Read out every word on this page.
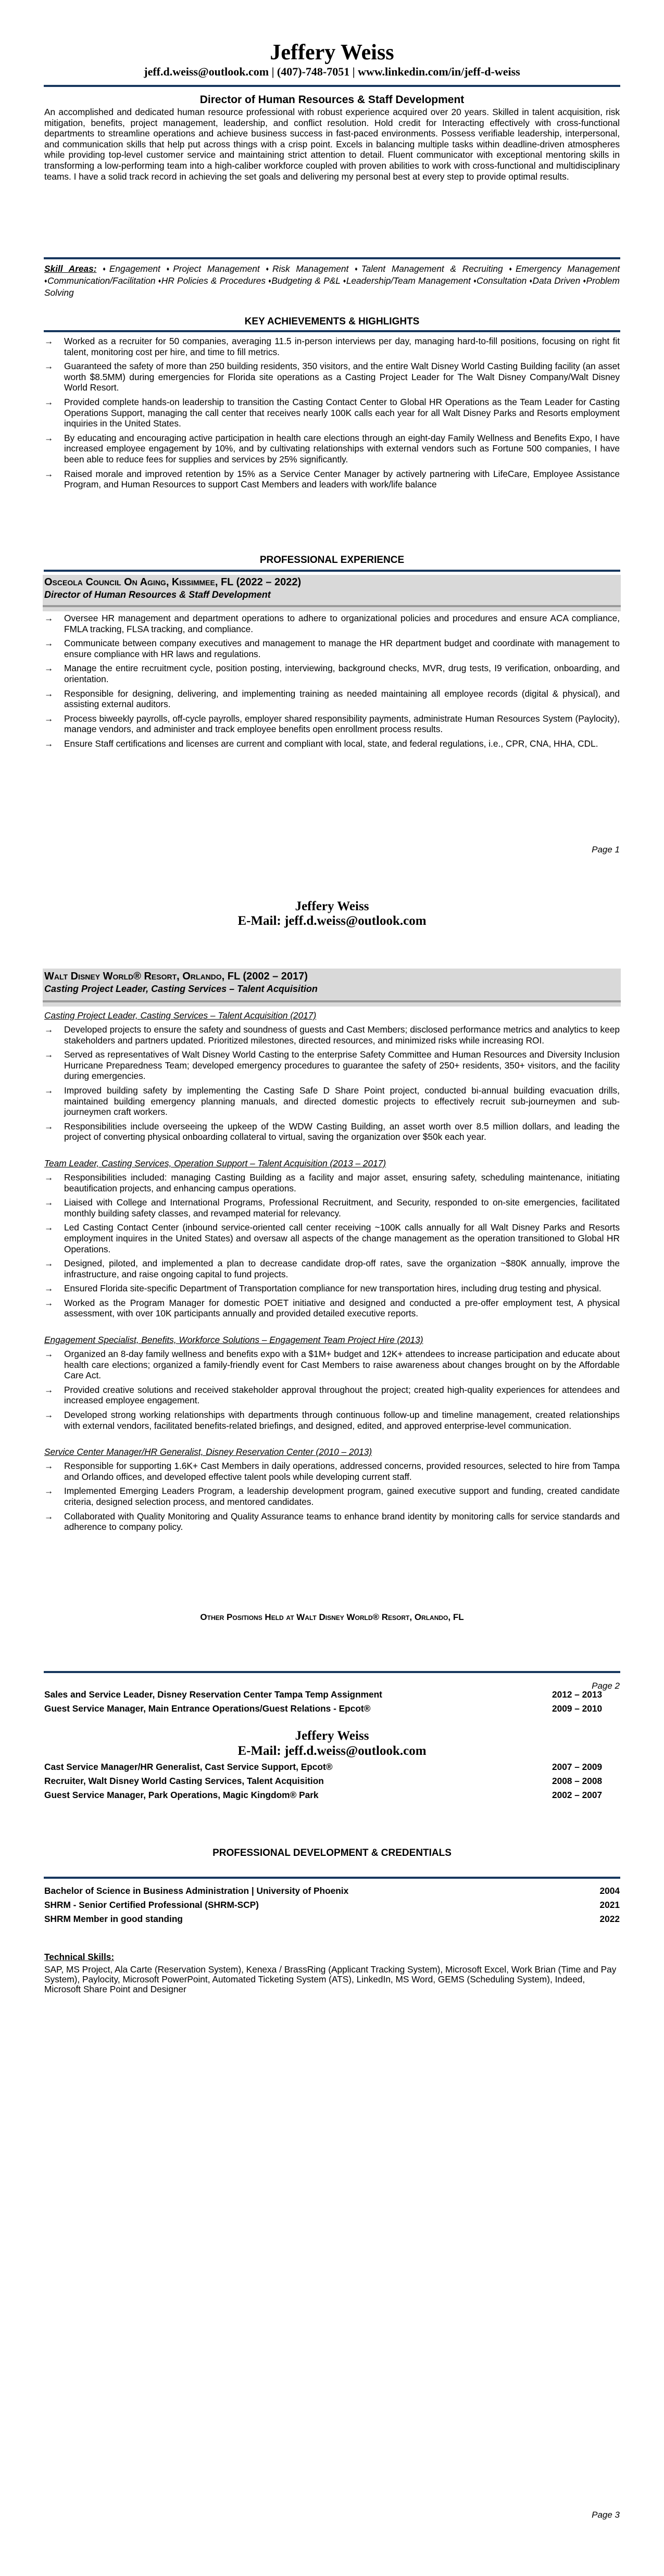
Jeffery Weiss
jeff.d.weiss@outlook.com | (407)-748-7051 | www.linkedin.com/in/jeff-d-weiss
Director of Human Resources & Staff Development
An accomplished and dedicated human resource professional with robust experience acquired over 20 years. Skilled in talent acquisition, risk mitigation, benefits, project management, leadership, and conflict resolution. Hold credit for Interacting effectively with cross-functional departments to streamline operations and achieve business success in fast-paced environments. Possess verifiable leadership, interpersonal, and communication skills that help put across things with a crisp point. Excels in balancing multiple tasks within deadline-driven atmospheres while providing top-level customer service and maintaining strict attention to detail. Fluent communicator with exceptional mentoring skills in transforming a low-performing team into a high-caliber workforce coupled with proven abilities to work with cross-functional and multidisciplinary teams. I have a solid track record in achieving the set goals and delivering my personal best at every step to provide optimal results.
Skill Areas: ♦Engagement ♦Project Management ♦Risk Management ♦Talent Management & Recruiting ♦Emergency Management ♦Communication/Facilitation ♦HR Policies & Procedures ♦Budgeting & P&L ♦Leadership/Team Management ♦Consultation ♦Data Driven ♦Problem Solving
KEY ACHIEVEMENTS & HIGHLIGHTS
→ Worked as a recruiter for 50 companies, averaging 11.5 in-person interviews per day, managing hard-to-fill positions, focusing on right fit talent, monitoring cost per hire, and time to fill metrics.
→ Guaranteed the safety of more than 250 building residents, 350 visitors, and the entire Walt Disney World Casting Building facility (an asset worth $8.5MM) during emergencies for Florida site operations as a Casting Project Leader for The Walt Disney Company/Walt Disney World Resort.
→ Provided complete hands-on leadership to transition the Casting Contact Center to Global HR Operations as the Team Leader for Casting Operations Support, managing the call center that receives nearly 100K calls each year for all Walt Disney Parks and Resorts employment inquiries in the United States.
→ By educating and encouraging active participation in health care elections through an eight-day Family Wellness and Benefits Expo, I have increased employee engagement by 10%, and by cultivating relationships with external vendors such as Fortune 500 companies, I have been able to reduce fees for supplies and services by 25% significantly.
→ Raised morale and improved retention by 15% as a Service Center Manager by actively partnering with LifeCare, Employee Assistance Program, and Human Resources to support Cast Members and leaders with work/life balance
PROFESSIONAL EXPERIENCE
Osceola Council On Aging, Kissimmee, FL (2022 – 2022)
Director of Human Resources & Staff Development
→ Oversee HR management and department operations to adhere to organizational policies and procedures and ensure ACA compliance, FMLA tracking, FLSA tracking, and compliance.
→ Communicate between company executives and management to manage the HR department budget and coordinate with management to ensure compliance with HR laws and regulations.
→ Manage the entire recruitment cycle, position posting, interviewing, background checks, MVR, drug tests, I9 verification, onboarding, and orientation.
→ Responsible for designing, delivering, and implementing training as needed maintaining all employee records (digital & physical), and assisting external auditors.
→ Process biweekly payrolls, off-cycle payrolls, employer shared responsibility payments, administrate Human Resources System (Paylocity), manage vendors, and administer and track employee benefits open enrollment process results.
→ Ensure Staff certifications and licenses are current and compliant with local, state, and federal regulations, i.e., CPR, CNA, HHA, CDL.
Page 1
Jeffery Weiss
E-Mail: jeff.d.weiss@outlook.com
Walt Disney World® Resort, Orlando, FL (2002 – 2017)
Casting Project Leader, Casting Services – Talent Acquisition
Casting Project Leader, Casting Services – Talent Acquisition (2017)
→ Developed projects to ensure the safety and soundness of guests and Cast Members; disclosed performance metrics and analytics to keep stakeholders and partners updated. Prioritized milestones, directed resources, and minimized risks while increasing ROI.
→ Served as representatives of Walt Disney World Casting to the enterprise Safety Committee and Human Resources and Diversity Inclusion Hurricane Preparedness Team; developed emergency procedures to guarantee the safety of 250+ residents, 350+ visitors, and the facility during emergencies.
→ Improved building safety by implementing the Casting Safe D Share Point project, conducted bi-annual building evacuation drills, maintained building emergency planning manuals, and directed domestic projects to effectively recruit sub-journeymen and sub-journeymen craft workers.
→ Responsibilities include overseeing the upkeep of the WDW Casting Building, an asset worth over 8.5 million dollars, and leading the project of converting physical onboarding collateral to virtual, saving the organization over $50k each year.
Team Leader, Casting Services, Operation Support – Talent Acquisition (2013 – 2017)
→ Responsibilities included: managing Casting Building as a facility and major asset, ensuring safety, scheduling maintenance, initiating beautification projects, and enhancing campus operations.
→ Liaised with College and International Programs, Professional Recruitment, and Security, responded to on-site emergencies, facilitated monthly building safety classes, and revamped material for relevancy.
→ Led Casting Contact Center (inbound service-oriented call center receiving ~100K calls annually for all Walt Disney Parks and Resorts employment inquires in the United States) and oversaw all aspects of the change management as the operation transitioned to Global HR Operations.
→ Designed, piloted, and implemented a plan to decrease candidate drop-off rates, save the organization ~$80K annually, improve the infrastructure, and raise ongoing capital to fund projects.
→ Ensured Florida site-specific Department of Transportation compliance for new transportation hires, including drug testing and physical.
→ Worked as the Program Manager for domestic POET initiative and designed and conducted a pre-offer employment test, A physical assessment, with over 10K participants annually and provided detailed executive reports.
Engagement Specialist, Benefits, Workforce Solutions – Engagement Team Project Hire (2013)
→ Organized an 8-day family wellness and benefits expo with a $1M+ budget and 12K+ attendees to increase participation and educate about health care elections; organized a family-friendly event for Cast Members to raise awareness about changes brought on by the Affordable Care Act.
→ Provided creative solutions and received stakeholder approval throughout the project; created high-quality experiences for attendees and increased employee engagement.
→ Developed strong working relationships with departments through continuous follow-up and timeline management, created relationships with external vendors, facilitated benefits-related briefings, and designed, edited, and approved enterprise-level communication.
Service Center Manager/HR Generalist, Disney Reservation Center (2010 – 2013)
→ Responsible for supporting 1.6K+ Cast Members in daily operations, addressed concerns, provided resources, selected to hire from Tampa and Orlando offices, and developed effective talent pools while developing current staff.
→ Implemented Emerging Leaders Program, a leadership development program, gained executive support and funding, created candidate criteria, designed selection process, and mentored candidates.
→ Collaborated with Quality Monitoring and Quality Assurance teams to enhance brand identity by monitoring calls for service standards and adherence to company policy.
Other Positions Held at Walt Disney World® Resort, Orlando, FL
Sales and Service Leader, Disney Reservation Center Tampa Temp Assignment	2012 – 2013
Guest Service Manager, Main Entrance Operations/Guest Relations - Epcot®	2009 – 2010
Page 2
Jeffery Weiss
E-Mail: jeff.d.weiss@outlook.com
Cast Service Manager/HR Generalist, Cast Service Support, Epcot®	2007 – 2009
Recruiter, Walt Disney World Casting Services, Talent Acquisition	2008 – 2008
Guest Service Manager, Park Operations, Magic Kingdom® Park	2002 – 2007
PROFESSIONAL DEVELOPMENT & CREDENTIALS
Bachelor of Science in Business Administration | University of Phoenix	2004
SHRM - Senior Certified Professional (SHRM-SCP)	2021
SHRM Member in good standing	2022
Technical Skills:
SAP, MS Project, Ala Carte (Reservation System), Kenexa / BrassRing (Applicant Tracking System), Microsoft Excel, Work Brian (Time and Pay System), Paylocity, Microsoft PowerPoint, Automated Ticketing System (ATS), LinkedIn, MS Word, GEMS (Scheduling System), Indeed, Microsoft Share Point and Designer
Page 3
